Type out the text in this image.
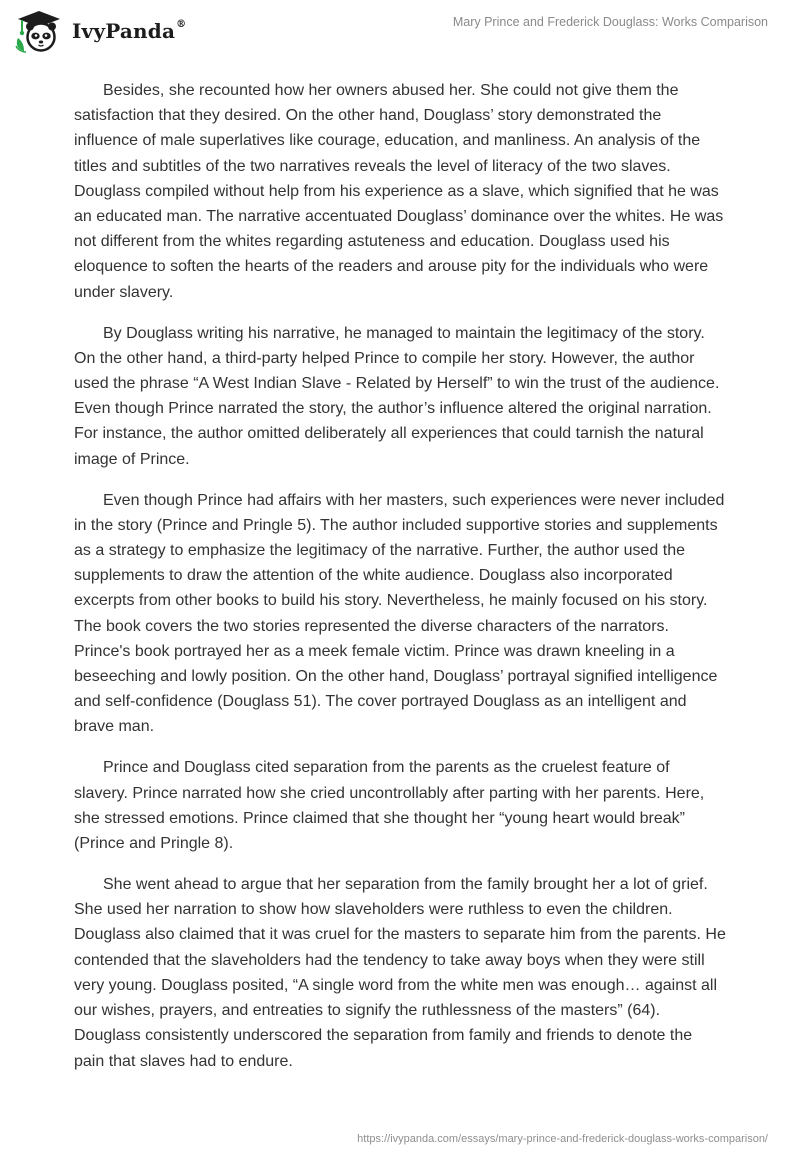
IvyPanda®	Mary Prince and Frederick Douglass: Works Comparison

Besides, she recounted how her owners abused her. She could not give them the satisfaction that they desired. On the other hand, Douglass’ story demonstrated the influence of male superlatives like courage, education, and manliness. An analysis of the titles and subtitles of the two narratives reveals the level of literacy of the two slaves. Douglass compiled without help from his experience as a slave, which signified that he was an educated man. The narrative accentuated Douglass’ dominance over the whites. He was not different from the whites regarding astuteness and education. Douglass used his eloquence to soften the hearts of the readers and arouse pity for the individuals who were under slavery.

By Douglass writing his narrative, he managed to maintain the legitimacy of the story. On the other hand, a third-party helped Prince to compile her story. However, the author used the phrase “A West Indian Slave - Related by Herself” to win the trust of the audience. Even though Prince narrated the story, the author’s influence altered the original narration. For instance, the author omitted deliberately all experiences that could tarnish the natural image of Prince.

Even though Prince had affairs with her masters, such experiences were never included in the story (Prince and Pringle 5). The author included supportive stories and supplements as a strategy to emphasize the legitimacy of the narrative. Further, the author used the supplements to draw the attention of the white audience. Douglass also incorporated excerpts from other books to build his story. Nevertheless, he mainly focused on his story. The book covers the two stories represented the diverse characters of the narrators. Prince's book portrayed her as a meek female victim. Prince was drawn kneeling in a beseeching and lowly position. On the other hand, Douglass’ portrayal signified intelligence and self-confidence (Douglass 51). The cover portrayed Douglass as an intelligent and brave man.

Prince and Douglass cited separation from the parents as the cruelest feature of slavery. Prince narrated how she cried uncontrollably after parting with her parents. Here, she stressed emotions. Prince claimed that she thought her “young heart would break” (Prince and Pringle 8).

She went ahead to argue that her separation from the family brought her a lot of grief. She used her narration to show how slaveholders were ruthless to even the children. Douglass also claimed that it was cruel for the masters to separate him from the parents. He contended that the slaveholders had the tendency to take away boys when they were still very young. Douglass posited, “A single word from the white men was enough… against all our wishes, prayers, and entreaties to signify the ruthlessness of the masters” (64). Douglass consistently underscored the separation from family and friends to denote the pain that slaves had to endure.

https://ivypanda.com/essays/mary-prince-and-frederick-douglass-works-comparison/
